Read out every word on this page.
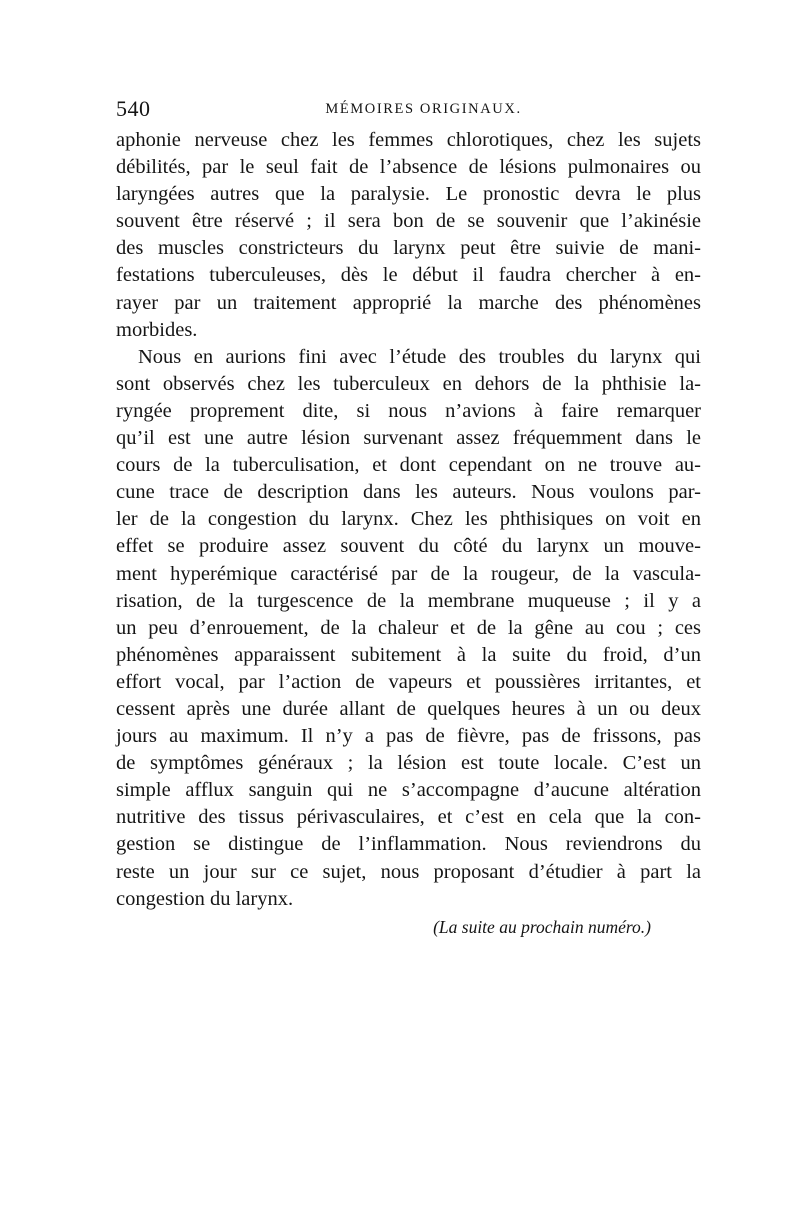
540	MÉMOIRES ORIGINAUX.
aphonie nerveuse chez les femmes chlorotiques, chez les sujets
débilités, par le seul fait de l’absence de lésions pulmonaires ou
laryngées autres que la paralysie. Le pronostic devra le plus
souvent être réservé ; il sera bon de se souvenir que l’akinésie
des muscles constricteurs du larynx peut être suivie de mani-
festations tuberculeuses, dès le début il faudra chercher à en-
rayer par un traitement approprié la marche des phénomènes
morbides.
Nous en aurions fini avec l’étude des troubles du larynx qui
sont observés chez les tuberculeux en dehors de la phthisie la-
ryngée proprement dite, si nous n’avions à faire remarquer
qu’il est une autre lésion survenant assez fréquemment dans le
cours de la tuberculisation, et dont cependant on ne trouve au-
cune trace de description dans les auteurs. Nous voulons par-
ler de la congestion du larynx. Chez les phthisiques on voit en
effet se produire assez souvent du côté du larynx un mouve-
ment hyperémique caractérisé par de la rougeur, de la vascula-
risation, de la turgescence de la membrane muqueuse ; il y a
un peu d’enrouement, de la chaleur et de la gêne au cou ; ces
phénomènes apparaissent subitement à la suite du froid, d’un
effort vocal, par l’action de vapeurs et poussières irritantes, et
cessent après une durée allant de quelques heures à un ou deux
jours au maximum. Il n’y a pas de fièvre, pas de frissons, pas
de symptômes généraux ; la lésion est toute locale. C’est un
simple afflux sanguin qui ne s’accompagne d’aucune altération
nutritive des tissus périvasculaires, et c’est en cela que la con-
gestion se distingue de l’inflammation. Nous reviendrons du
reste un jour sur ce sujet, nous proposant d’étudier à part la
congestion du larynx.
(La suite au prochain numéro.)
